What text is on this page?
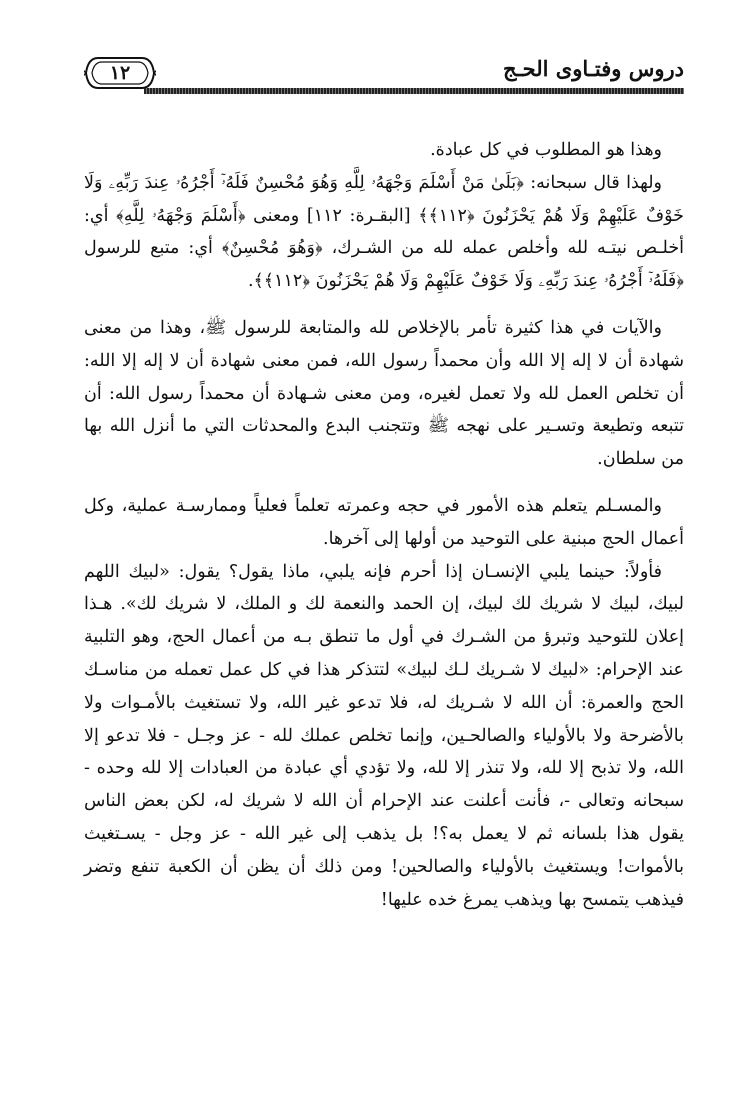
١٢	دروس وفتـاوى الحـج

وهذا هو المطلوب في كل عبادة.

ولهذا قال سبحانه: ﴿بَلَىٰ مَنْ أَسْلَمَ وَجْهَهُۥ لِلَّهِ وَهُوَ مُحْسِنٌ فَلَهُۥٓ أَجْرُهُۥ عِندَ رَبِّهِۦ وَلَا خَوْفٌ عَلَيْهِمْ وَلَا هُمْ يَحْزَنُونَ ﴿١١٢﴾﴾ [البقـرة: ١١٢] ومعنى ﴿أَسْلَمَ وَجْهَهُۥ لِلَّهِ﴾ أي: أخلـص نيتـه لله وأخلص عمله لله من الشـرك، ﴿وَهُوَ مُحْسِنٌ﴾ أي: متبع للرسول ﴿فَلَهُۥٓ أَجْرُهُۥ عِندَ رَبِّهِۦ وَلَا خَوْفٌ عَلَيْهِمْ وَلَا هُمْ يَحْزَنُونَ ﴿١١٢﴾﴾.

والآيات في هذا كثيرة تأمر بالإخلاص لله والمتابعة للرسول ﷺ، وهذا من معنى شهادة أن لا إله إلا الله وأن محمداً رسول الله، فمن معنى شهادة أن لا إله إلا الله: أن تخلص العمل لله ولا تعمل لغيره، ومن معنى شـهادة أن محمداً رسول الله: أن تتبعه وتطيعة وتسـير على نهجه ﷺ وتتجنب البدع والمحدثات التي ما أنزل الله بها من سلطان.

والمسـلم يتعلم هذه الأمور في حجه وعمرته تعلماً فعلياً وممارسـة عملية، وكل أعمال الحج مبنية على التوحيد من أولها إلى آخرها.

فأولاً: حينما يلبي الإنسـان إذا أحرم فإنه يلبي، ماذا يقول؟ يقول: «لبيك اللهم لبيك، لبيك لا شريك لك لبيك، إن الحمد والنعمة لك و الملك، لا شريك لك». هـذا إعلان للتوحيد وتبرؤ من الشـرك في أول ما تنطق بـه من أعمال الحج، وهو التلبية عند الإحرام: «لبيك لا شـريك لـك لبيك» لتتذكر هذا في كل عمل تعمله من مناسـك الحج والعمرة: أن الله لا شـريك له، فلا تدعو غير الله، ولا تستغيث بالأمـوات ولا بالأضرحة ولا بالأولياء والصالحـين، وإنما تخلص عملك لله - عز وجـل - فلا تدعو إلا الله، ولا تذبح إلا لله، ولا تنذر إلا لله، ولا تؤدي أي عبادة من العبادات إلا لله وحده - سبحانه وتعالى -، فأنت أعلنت عند الإحرام أن الله لا شريك له، لكن بعض الناس يقول هذا بلسانه ثم لا يعمل به؟! بل يذهب إلى غير الله - عز وجل - يسـتغيث بالأموات! ويستغيث بالأولياء والصالحين! ومن ذلك أن يظن أن الكعبة تنفع وتضر فيذهب يتمسح بها ويذهب يمرغ خده عليها!
